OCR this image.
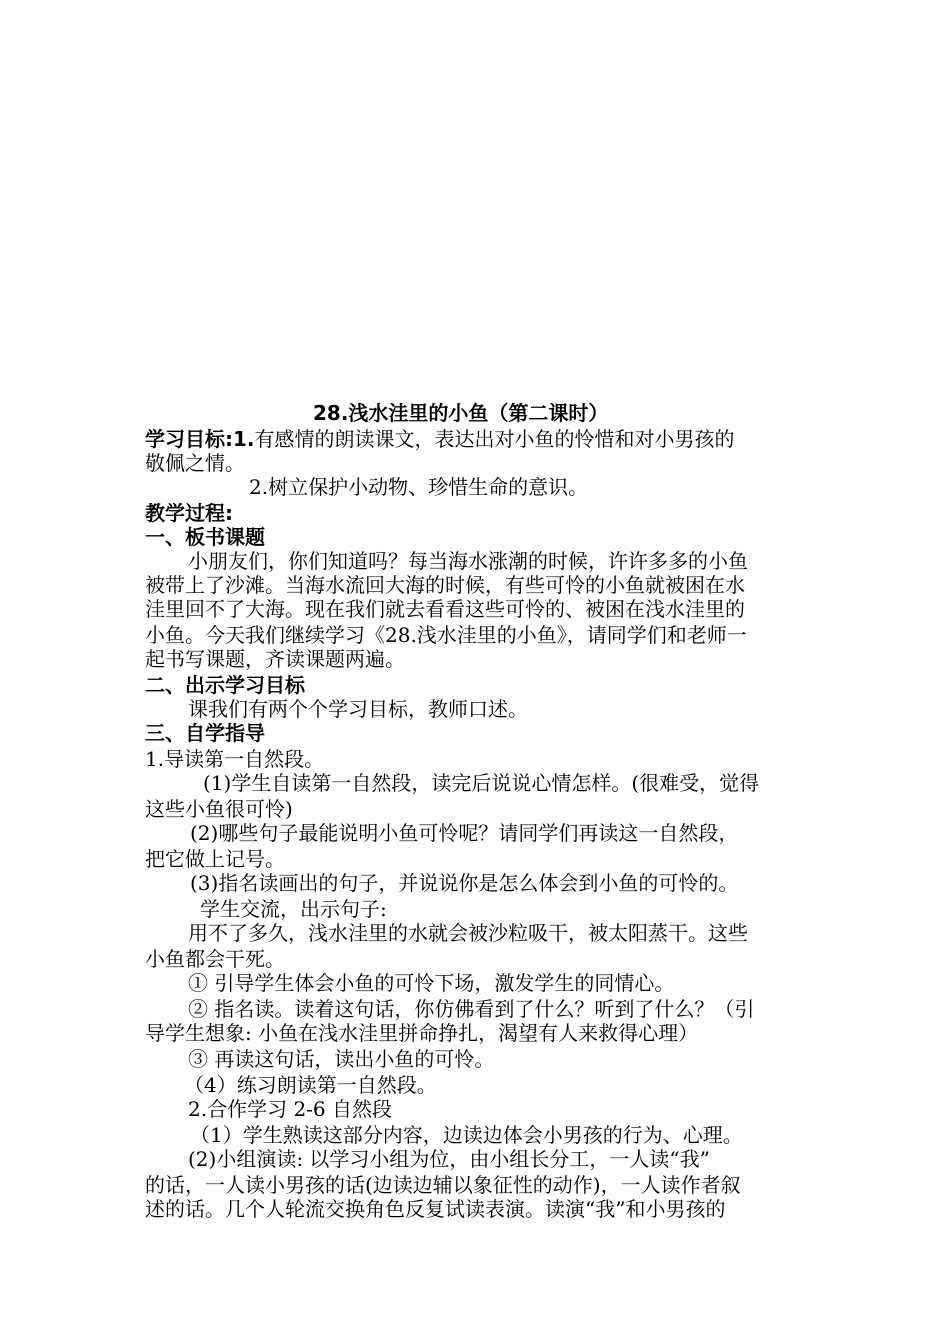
28.浅水洼里的小鱼（第二课时）
学习目标:1.有感情的朗读课文，表达出对小鱼的怜惜和对小男孩的
敬佩之情。
2.树立保护小动物、珍惜生命的意识。
教学过程:
一、板书课题
小朋友们，你们知道吗？每当海水涨潮的时候，许许多多的小鱼
被带上了沙滩。当海水流回大海的时候，有些可怜的小鱼就被困在水
洼里回不了大海。现在我们就去看看这些可怜的、被困在浅水洼里的
小鱼。今天我们继续学习《28.浅水洼里的小鱼》，请同学们和老师一
起书写课题，齐读课题两遍。
二、出示学习目标
课我们有两个个学习目标，教师口述。
三、自学指导
1.导读第一自然段。
(1)学生自读第一自然段，读完后说说心情怎样。(很难受，觉得
这些小鱼很可怜)
(2)哪些句子最能说明小鱼可怜呢？请同学们再读这一自然段，
把它做上记号。
(3)指名读画出的句子，并说说你是怎么体会到小鱼的可怜的。
学生交流，出示句子:
用不了多久，浅水洼里的水就会被沙粒吸干，被太阳蒸干。这些
小鱼都会干死。
① 引导学生体会小鱼的可怜下场，激发学生的同情心。
② 指名读。读着这句话，你仿佛看到了什么？听到了什么？（引
导学生想象: 小鱼在浅水洼里拼命挣扎，渴望有人来救得心理）
③ 再读这句话，读出小鱼的可怜。
（4）练习朗读第一自然段。
2.合作学习 2-6 自然段
（1）学生熟读这部分内容，边读边体会小男孩的行为、心理。
(2)小组演读: 以学习小组为位，由小组长分工，一人读“我”
的话，一人读小男孩的话(边读边辅以象征性的动作)，一人读作者叙
述的话。几个人轮流交换角色反复试读表演。读演“我”和小男孩的
